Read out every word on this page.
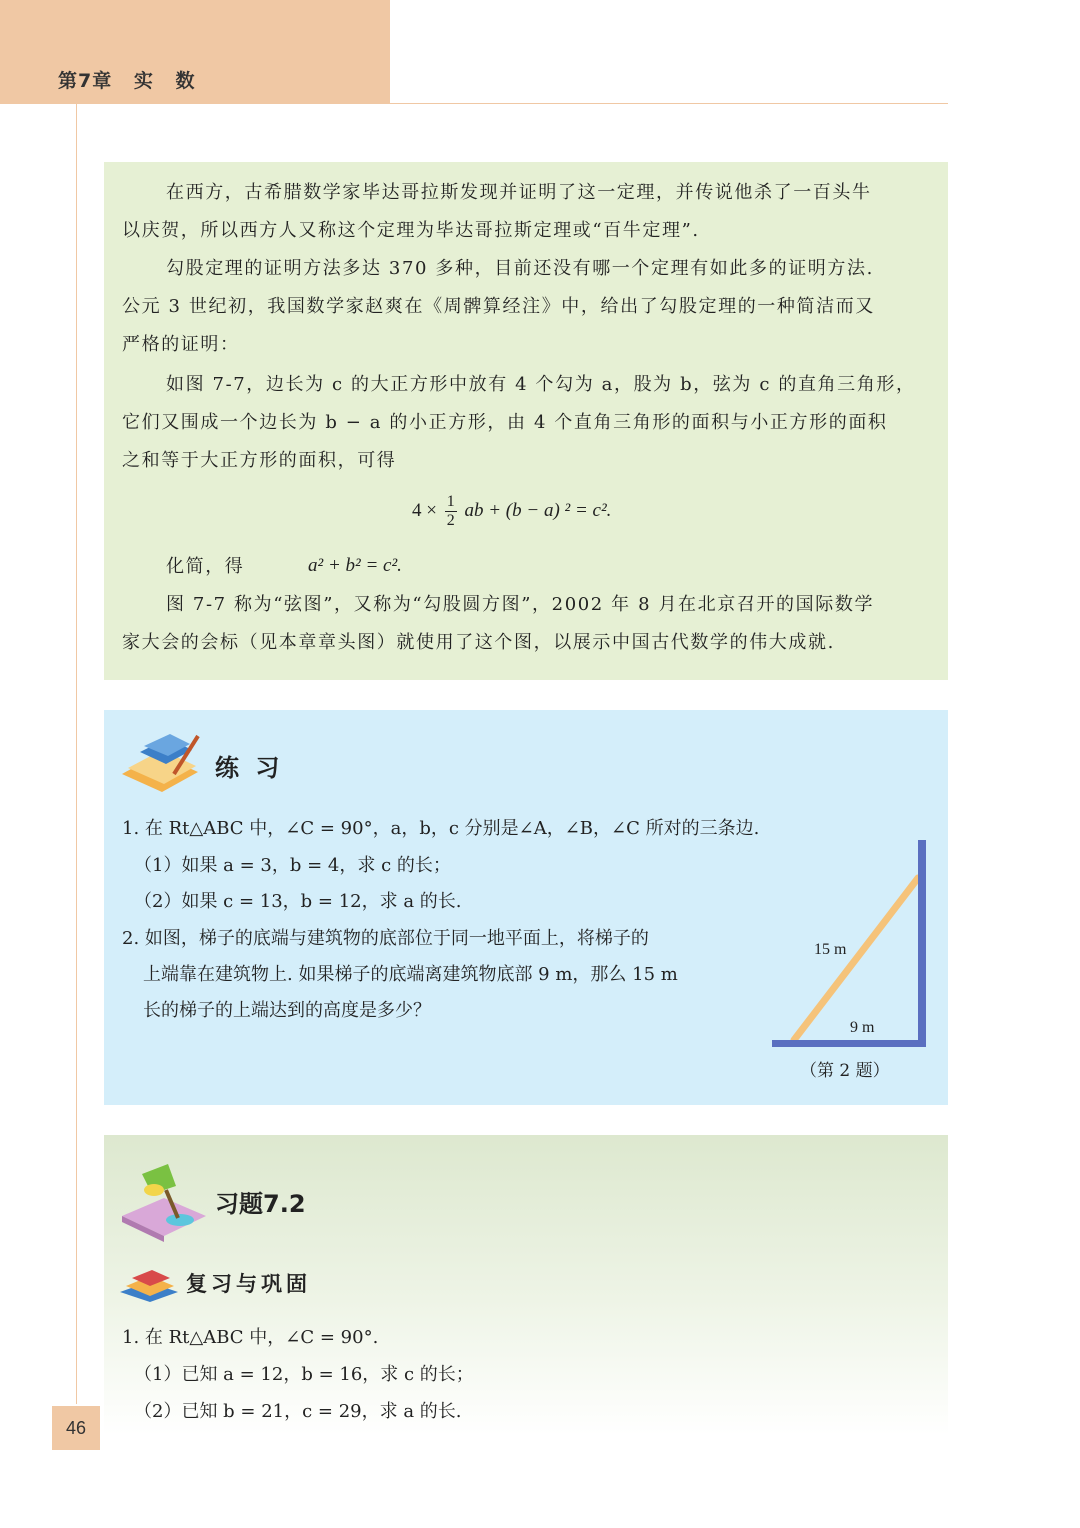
第7章 实 数

在西方，古希腊数学家毕达哥拉斯发现并证明了这一定理，并传说他杀了一百头牛

以庆贺，所以西方人又称这个定理为毕达哥拉斯定理或“百牛定理”.

勾股定理的证明方法多达 370 多种，目前还没有哪一个定理有如此多的证明方法.

公元 3 世纪初，我国数学家赵爽在《周髀算经注》中，给出了勾股定理的一种简洁而又

严格的证明：

如图 7-7，边长为 c 的大正方形中放有 4 个勾为 a，股为 b，弦为 c 的直角三角形，

它们又围成一个边长为 b − a 的小正方形，由 4 个直角三角形的面积与小正方形的面积

之和等于大正方形的面积，可得

$4 \times \frac{1}{2}$ ab + (b − a) ² = c².

化简，得	a² + b² = c².

图 7-7 称为“弦图”，又称为“勾股圆方图”，2002 年 8 月在北京召开的国际数学

家大会的会标（见本章章头图）就使用了这个图，以展示中国古代数学的伟大成就.

练 习
1. 在 Rt△ABC 中，∠C = 90°，a，b，c 分别是∠A，∠B，∠C 所对的三条边.
（1）如果 a = 3，b = 4，求 c 的长；
（2）如果 c = 13，b = 12，求 a 的长.
2. 如图，梯子的底端与建筑物的底部位于同一地平面上，将梯子的
上端靠在建筑物上. 如果梯子的底端离建筑物底部 9 m，那么 15 m
长的梯子的上端达到的高度是多少？
15 m
9 m
（第 2 题）
习题7.2
复习与巩固
1. 在 Rt△ABC 中，∠C = 90°.
（1）已知 a = 12，b = 16，求 c 的长；
（2）已知 b = 21，c = 29，求 a 的长.
46
